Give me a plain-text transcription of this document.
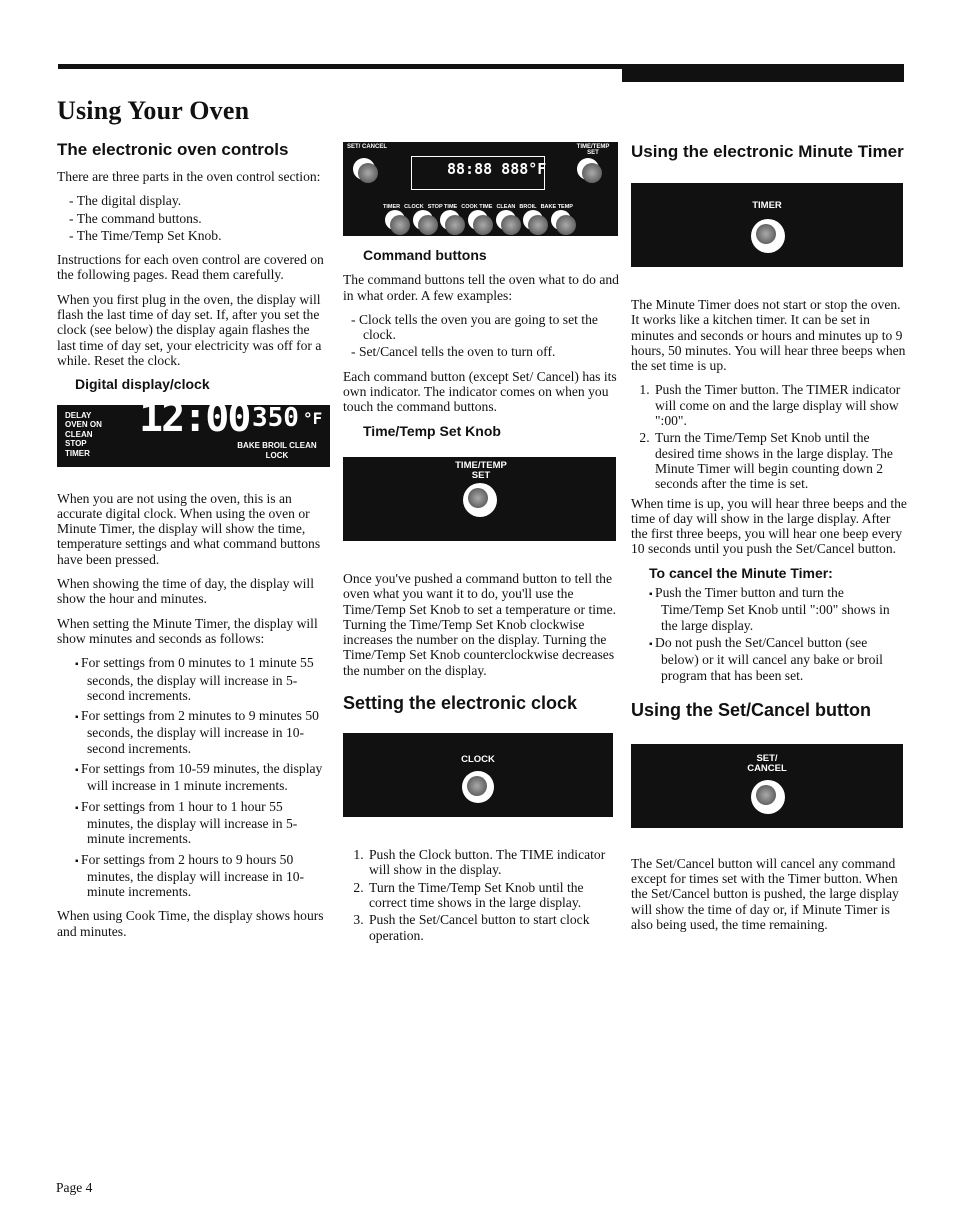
Using Your Oven
The electronic oven controls

There are three parts in the oven control section:

- The digital display.
- The command buttons.
- The Time/Temp Set Knob.

Instructions for each oven control are covered on the following pages. Read them carefully.

When you first plug in the oven, the display will flash the last time of day set. If, after you set the clock (see below) the display again flashes the last time of day set, your electricity was off for a while. Reset the clock.

Digital display/clock
DELAY
OVEN ON
CLEAN
STOP
TIMER
12:00 350 °F
BAKE BROIL CLEAN LOCK

When you are not using the oven, this is an accurate digital clock. When using the oven or Minute Timer, the display will show the time, temperature settings and what command buttons have been pressed.

When showing the time of day, the display will show the hour and minutes.

When setting the Minute Timer, the display will show minutes and seconds as follows:

▪ For settings from 0 minutes to 1 minute 55 seconds, the display will increase in 5-second increments.
▪ For settings from 2 minutes to 9 minutes 50 seconds, the display will increase in 10-second increments.
▪ For settings from 10-59 minutes, the display will increase in 1 minute increments.
▪ For settings from 1 hour to 1 hour 55 minutes, the display will increase in 5-minute increments.
▪ For settings from 2 hours to 9 hours 50 minutes, the display will increase in 10-minute increments.

When using Cook Time, the display shows hours and minutes.

SET/ CANCEL
88:88 888°F
TIME/TEMP SET
TIMER CLOCK STOP TIME COOK TIME CLEAN BROIL BAKE TEMP
Command buttons

The command buttons tell the oven what to do and in what order. A few examples:

- Clock tells the oven you are going to set the clock.
- Set/Cancel tells the oven to turn off.

Each command button (except Set/ Cancel) has its own indicator. The indicator comes on when you touch the command buttons.

Time/Temp Set Knob
TIME/TEMP SET

Once you've pushed a command button to tell the oven what you want it to do, you'll use the Time/Temp Set Knob to set a temperature or time. Turning the Time/Temp Set Knob clockwise increases the number on the display. Turning the Time/Temp Set Knob counterclockwise decreases the number on the display.

Setting the electronic clock
CLOCK
1. Push the Clock button. The TIME indicator will show in the display.
2. Turn the Time/Temp Set Knob until the correct time shows in the large display.
3. Push the Set/Cancel button to start clock operation.
Using the electronic Minute Timer
TIMER

The Minute Timer does not start or stop the oven. It works like a kitchen timer. It can be set in minutes and seconds or hours and minutes up to 9 hours, 50 minutes. You will hear three beeps when the set time is up.

1. Push the Timer button. The TIMER indicator will come on and the large display will show ":00".
2. Turn the Time/Temp Set Knob until the desired time shows in the large display. The Minute Timer will begin counting down 2 seconds after the time is set.

When time is up, you will hear three beeps and the time of day will show in the large display. After the first three beeps, you will hear one beep every 10 seconds until you push the Set/Cancel button.

To cancel the Minute Timer:
▪ Push the Timer button and turn the Time/Temp Set Knob until ":00" shows in the large display.
▪ Do not push the Set/Cancel button (see below) or it will cancel any bake or broil program that has been set.
Using the Set/Cancel button
SET/ CANCEL

The Set/Cancel button will cancel any command except for times set with the Timer button. When the Set/Cancel button is pushed, the large display will show the time of day or, if Minute Timer is also being used, the time remaining.

Page 4
